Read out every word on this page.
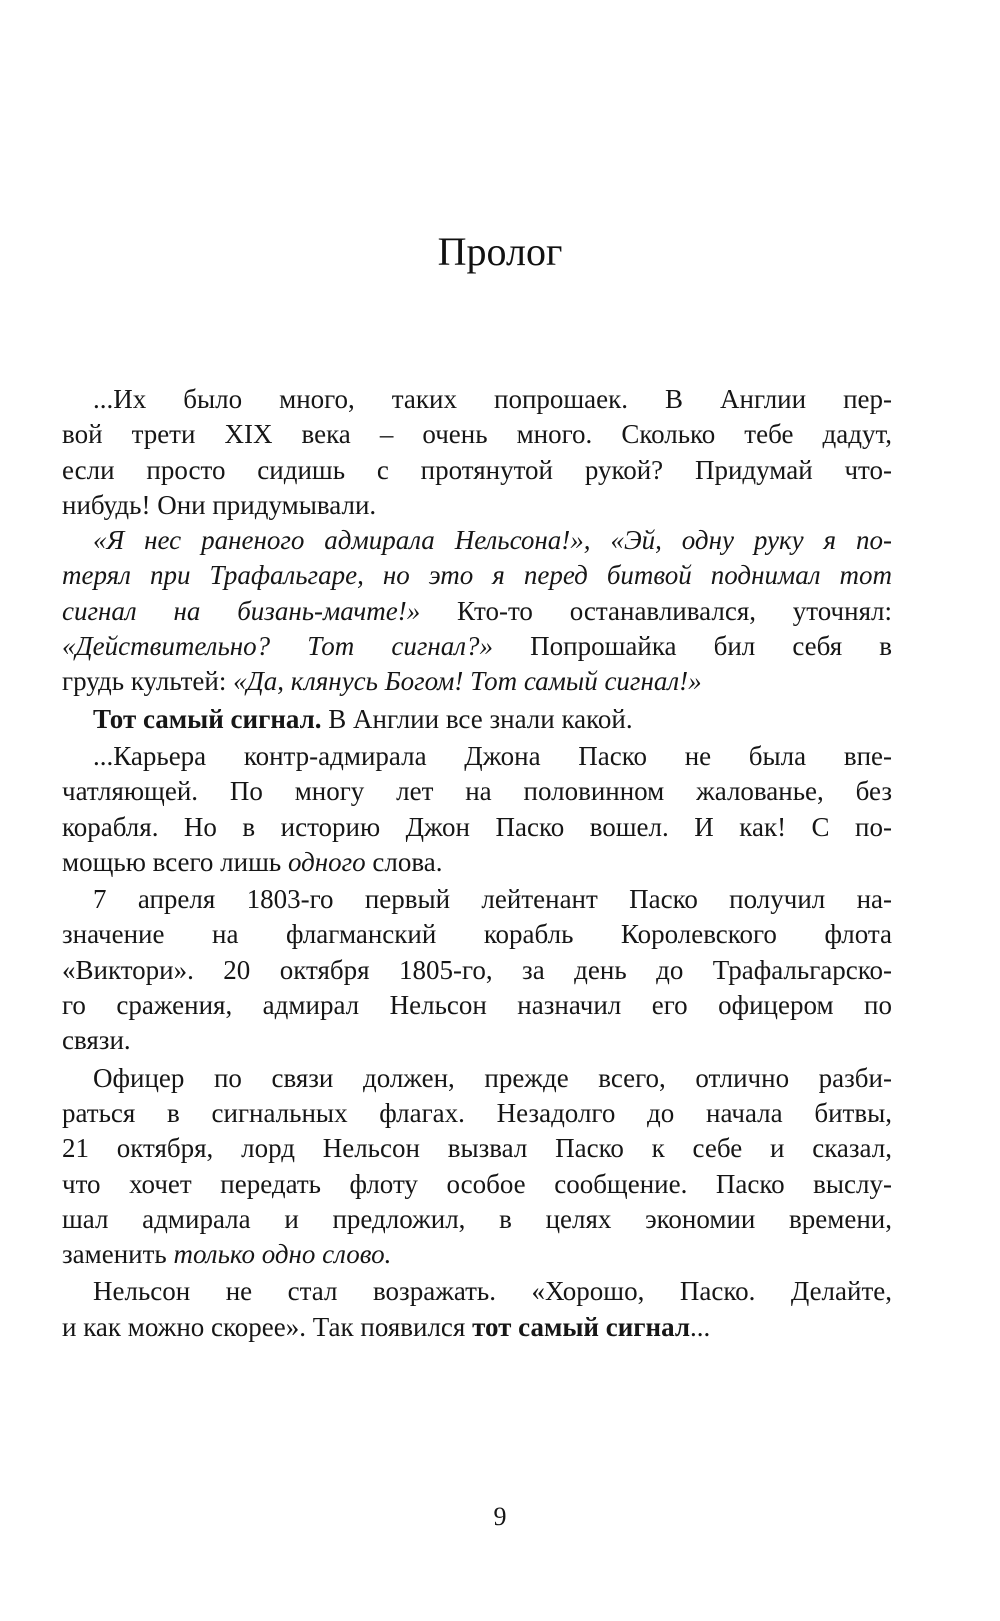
Пролог
...Их было много, таких попрошаек. В Англии пер-
вой трети XIX века – очень много. Сколько тебе дадут,
если просто сидишь с протянутой рукой? Придумай что-
нибудь! Они придумывали.
«Я нес раненого адмирала Нельсона!», «Эй, одну руку я по-
терял при Трафальгаре, но это я перед битвой поднимал тот
сигнал на бизань-мачте!» Кто-то останавливался, уточнял:
«Действительно? Тот сигнал?» Попрошайка бил себя в
грудь культей: «Да, клянусь Богом! Тот самый сигнал!»
Тот самый сигнал. В Англии все знали какой.
...Карьера контр-адмирала Джона Паско не была впе-
чатляющей. По многу лет на половинном жалованье, без
корабля. Но в историю Джон Паско вошел. И как! С по-
мощью всего лишь одного слова.
7 апреля 1803-го первый лейтенант Паско получил на-
значение на флагманский корабль Королевского флота
«Виктори». 20 октября 1805-го, за день до Трафальгарско-
го сражения, адмирал Нельсон назначил его офицером по
связи.
Офицер по связи должен, прежде всего, отлично разби-
раться в сигнальных флагах. Незадолго до начала битвы,
21 октября, лорд Нельсон вызвал Паско к себе и сказал,
что хочет передать флоту особое сообщение. Паско выслу-
шал адмирала и предложил, в целях экономии времени,
заменить только одно слово.
Нельсон не стал возражать. «Хорошо, Паско. Делайте,
и как можно скорее». Так появился тот самый сигнал...
9
